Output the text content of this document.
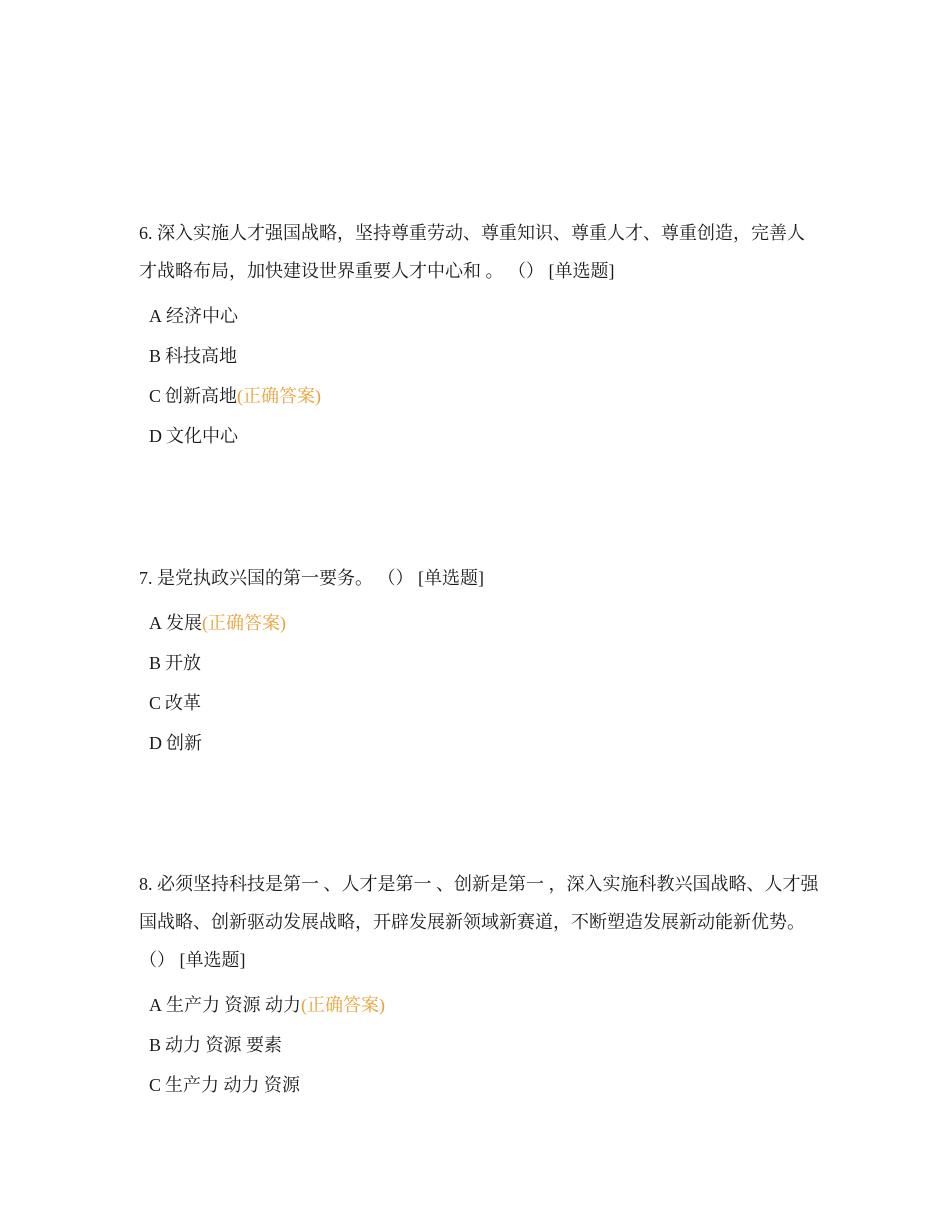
6. 深入实施人才强国战略，坚持尊重劳动、尊重知识、尊重人才、尊重创造，完善人才战略布局，加快建设世界重要人才中心和 。 （） [单选题]

A 经济中心
B 科技高地
C 创新高地(正确答案)
D 文化中心

7. 是党执政兴国的第一要务。 （） [单选题]

A 发展(正确答案)
B 开放
C 改革
D 创新

8. 必须坚持科技是第一 、人才是第一 、创新是第一 ，深入实施科教兴国战略、人才强国战略、创新驱动发展战略，开辟发展新领域新赛道，不断塑造发展新动能新优势。 （） [单选题]

A 生产力 资源 动力(正确答案)
B 动力 资源 要素
C 生产力 动力 资源
